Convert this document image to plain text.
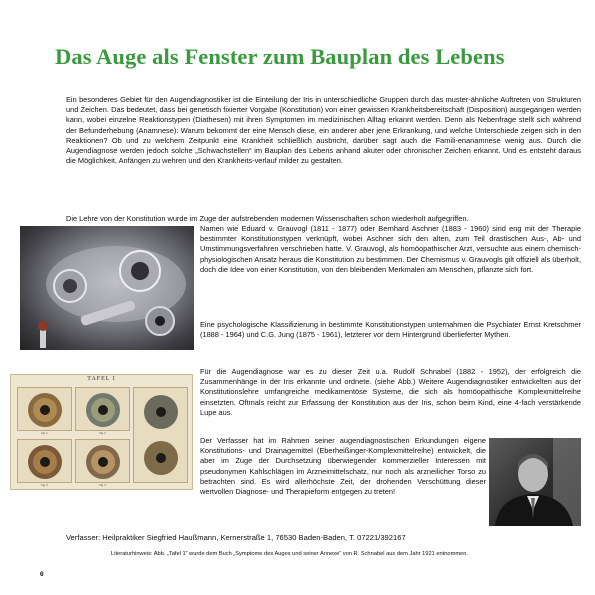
Das Auge als Fenster zum Bauplan des Lebens

Ein besonderes Gebiet für den Augendiagnostiker ist die Einteilung der Iris in unterschiedliche Gruppen durch das muster-ähnliche Auftreten von Strukturen und Zeichen. Das bedeutet, dass bei genetisch fixierter Vorgabe (Konstitution) von einer gewissen Krankheitsbereitschaft (Disposition) ausgegangen werden kann, wobei einzelne Reaktionstypen (Diathesen) mit ihren Symptomen im medizinischen Alltag erkannt werden. Denn als Nebenfrage stellt sich während der Befunderhebung (Anamnese): Warum bekommt der eine Mensch diese, ein anderer aber jene Erkrankung, und welche Unterschiede zeigen sich in den Reaktionen? Ob und zu welchem Zeitpunkt eine Krankheit schließlich ausbricht, darüber sagt auch die Famili-enanamnese wenig aus. Durch die Augendiagnose werden jedoch solche „Schwachstellen“ im Bauplan des Lebens anhand akuter oder chronischer Zeichen erkannt. Und es entsteht daraus die Möglichkeit, Anfängen zu wehren und den Krankheits-verlauf milder zu gestalten.

Die Lehre von der Konstitution wurde im Zuge der aufstrebenden modernen Wissenschaften schon wiederholt aufgegriffen.

Namen wie Eduard v. Grauvogl (1811 - 1877) oder Bernhard Aschner (1883 - 1960) sind eng mit der Therapie bestimmter Konstitutionstypen verknüpft, wobei Aschner sich den alten, zum Teil drastischen Aus-, Ab- und Umstimmungsverfahren verschrieben hatte. V. Grauvogl, als homöopathischer Arzt, versuchte aus einem chemisch-physiologischen Ansatz heraus die Konstitution zu bestimmen. Der Chemismus v. Grauvogls gilt offiziell als überholt, doch die Idee von einer Konstitution, von den bleibenden Merkmalen am Menschen, pflanzte sich fort.

Eine psychologische Klassifizierung in bestimmte Konstitutionstypen unternahmen die Psychiater Ernst Kretschmer (1888 - 1964) und C.G. Jung (1875 - 1961), letzterer vor dem Hintergrund überlieferter Mythen.

TAFEL I
Fig. 1	Fig. 2
Fig. 3	Fig. 4

Für die Augendiagnose war es zu dieser Zeit u.a. Rudolf Schnabel (1882 - 1952), der erfolgreich die Zusammenhänge in der Iris erkannte und ordnete. (siehe Abb.) Weitere Augendiagnostiker entwickelten aus der Konstitutionslehre umfangreiche medikamentöse Systeme, die sich als homöopathische Komplexmittelreihe einsetzten. Oftmals reicht zur Erfassung der Konstitution aus der Iris, schon beim Kind, eine 4-fach verstärkende Lupe aus.

Der Verfasser hat im Rahmen seiner augendiagnostischen Erkundungen eigene Konstitutions- und Drainagemittel (Eberheißinger-Komplexmittelreihe) entwickelt, die aber im Zuge der Durchsetzung überwiegender kommerzieller Interessen mit pseudonymen Kahlschlägen im Arzneimittelschatz, nur noch als arzneilicher Torso zu betrachten sind. Es wird allerhöchste Zeit, der drohenden Verschüttung dieser wertvollen Diagnose- und Therapieform entgegen zu treten!

Verfasser: Heilpraktiker Siegfried Haußmann, Kernerstraße 1, 76530 Baden-Baden, T. 07221/392167
Literaturhinweis: Abb. „Tafel 1“ wurde dem Buch „Symptome des Auges und seiner Annexe“ von R. Schnabel aus dem Jahr 1921 entnommen.
6
